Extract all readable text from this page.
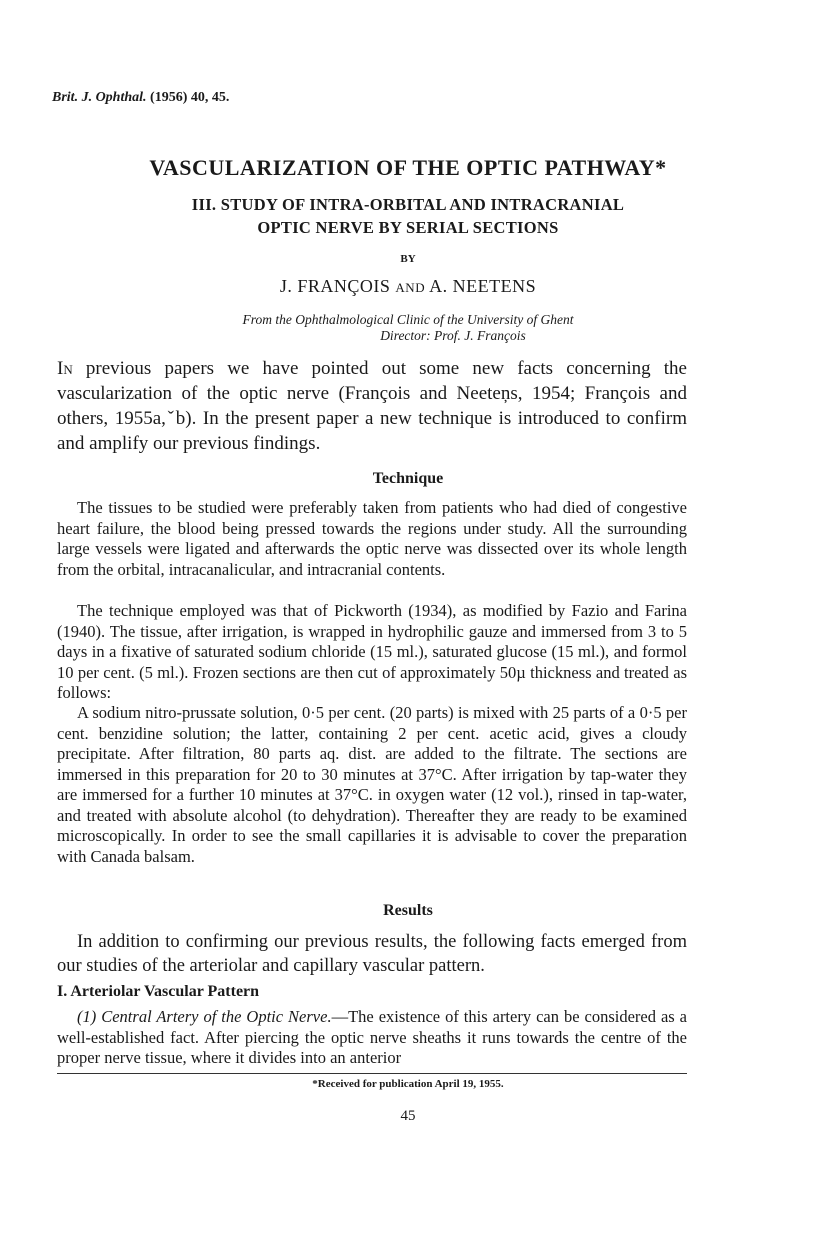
Brit. J. Ophthal. (1956) 40, 45.
VASCULARIZATION OF THE OPTIC PATHWAY*
III. STUDY OF INTRA-ORBITAL AND INTRACRANIAL
OPTIC NERVE BY SERIAL SECTIONS
BY
J. FRANÇOIS AND A. NEETENS
From the Ophthalmological Clinic of the University of Ghent
Director: Prof. J. François
In previous papers we have pointed out some new facts concerning the vascularization of the optic nerve (François and Neeteņs, 1954; François and others, 1955a,ˇb). In the present paper a new technique is introduced to confirm and amplify our previous findings.
Technique
The tissues to be studied were preferably taken from patients who had died of congestive heart failure, the blood being pressed towards the regions under study. All the surrounding large vessels were ligated and afterwards the optic nerve was dissected over its whole length from the orbital, intracanalicular, and intracranial contents.
The technique employed was that of Pickworth (1934), as modified by Fazio and Farina (1940). The tissue, after irrigation, is wrapped in hydrophilic gauze and immersed from 3 to 5 days in a fixative of saturated sodium chloride (15 ml.), saturated glucose (15 ml.), and formol 10 per cent. (5 ml.). Frozen sections are then cut of approximately 50µ thickness and treated as follows:
A sodium nitro-prussate solution, 0·5 per cent. (20 parts) is mixed with 25 parts of a 0·5 per cent. benzidine solution; the latter, containing 2 per cent. acetic acid, gives a cloudy precipitate. After filtration, 80 parts aq. dist. are added to the filtrate. The sections are immersed in this preparation for 20 to 30 minutes at 37°C. After irrigation by tap-water they are immersed for a further 10 minutes at 37°C. in oxygen water (12 vol.), rinsed in tap-water, and treated with absolute alcohol (to dehydration). Thereafter they are ready to be examined microscopically. In order to see the small capillaries it is advisable to cover the preparation with Canada balsam.
Results
In addition to confirming our previous results, the following facts emerged from our studies of the arteriolar and capillary vascular pattern.
I. Arteriolar Vascular Pattern
(1) Central Artery of the Optic Nerve.—The existence of this artery can be considered as a well-established fact. After piercing the optic nerve sheaths it runs towards the centre of the proper nerve tissue, where it divides into an anterior
*Received for publication April 19, 1955.
45
